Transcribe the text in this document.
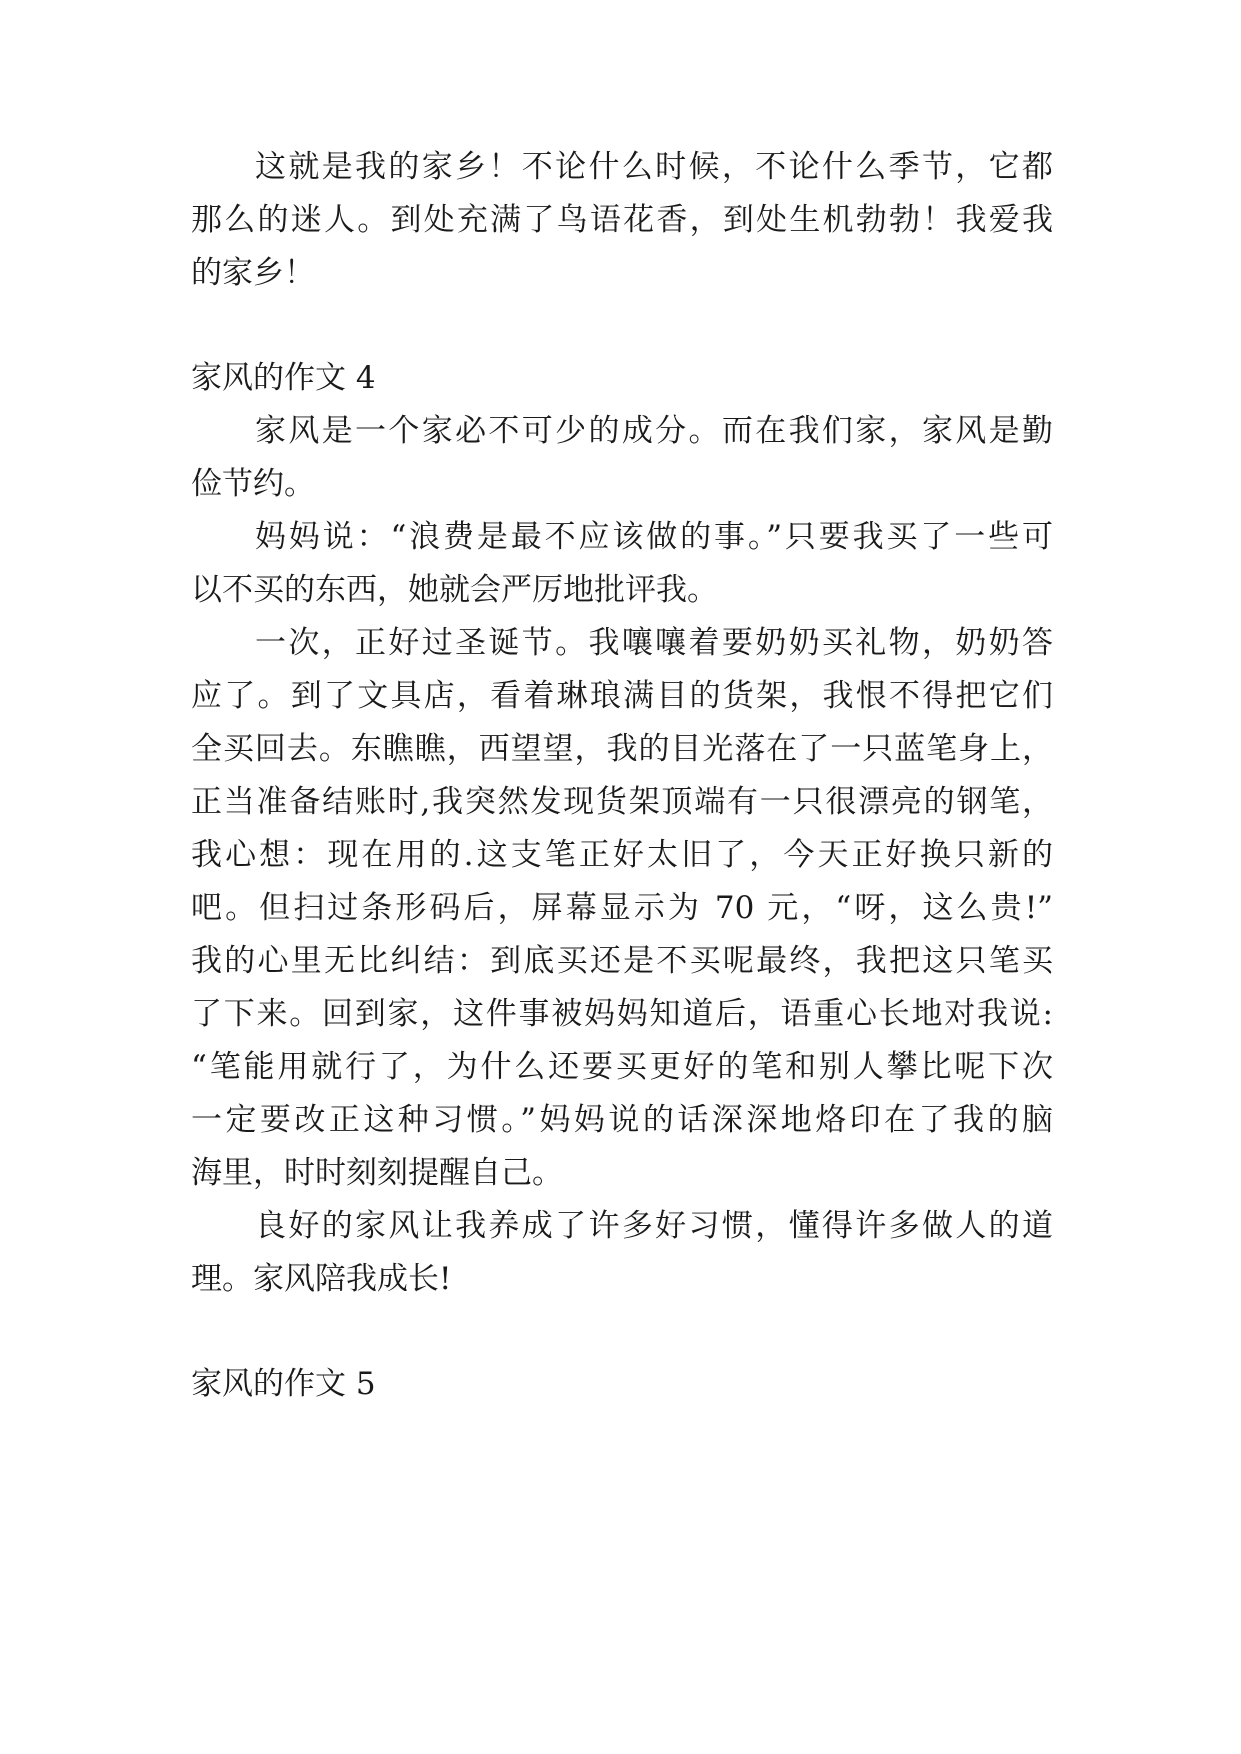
这就是我的家乡！不论什么时候，不论什么季节，它都
那么的迷人。到处充满了鸟语花香，到处生机勃勃！我爱我
的家乡！
家风的作文 4
家风是一个家必不可少的成分。而在我们家，家风是勤
俭节约。
妈妈说：“浪费是最不应该做的事。”只要我买了一些可
以不买的东西，她就会严厉地批评我。
一次，正好过圣诞节。我嚷嚷着要奶奶买礼物，奶奶答
应了。到了文具店，看着琳琅满目的货架，我恨不得把它们
全买回去。东瞧瞧，西望望，我的目光落在了一只蓝笔身上，
正当准备结账时,我突然发现货架顶端有一只很漂亮的钢笔，
我心想：现在用的.这支笔正好太旧了，今天正好换只新的
吧。但扫过条形码后，屏幕显示为 70 元，“呀，这么贵!”
我的心里无比纠结：到底买还是不买呢最终，我把这只笔买
了下来。回到家，这件事被妈妈知道后，语重心长地对我说:
“笔能用就行了，为什么还要买更好的笔和别人攀比呢下次
一定要改正这种习惯。”妈妈说的话深深地烙印在了我的脑
海里，时时刻刻提醒自己。
良好的家风让我养成了许多好习惯，懂得许多做人的道
理。家风陪我成长!
家风的作文 5
